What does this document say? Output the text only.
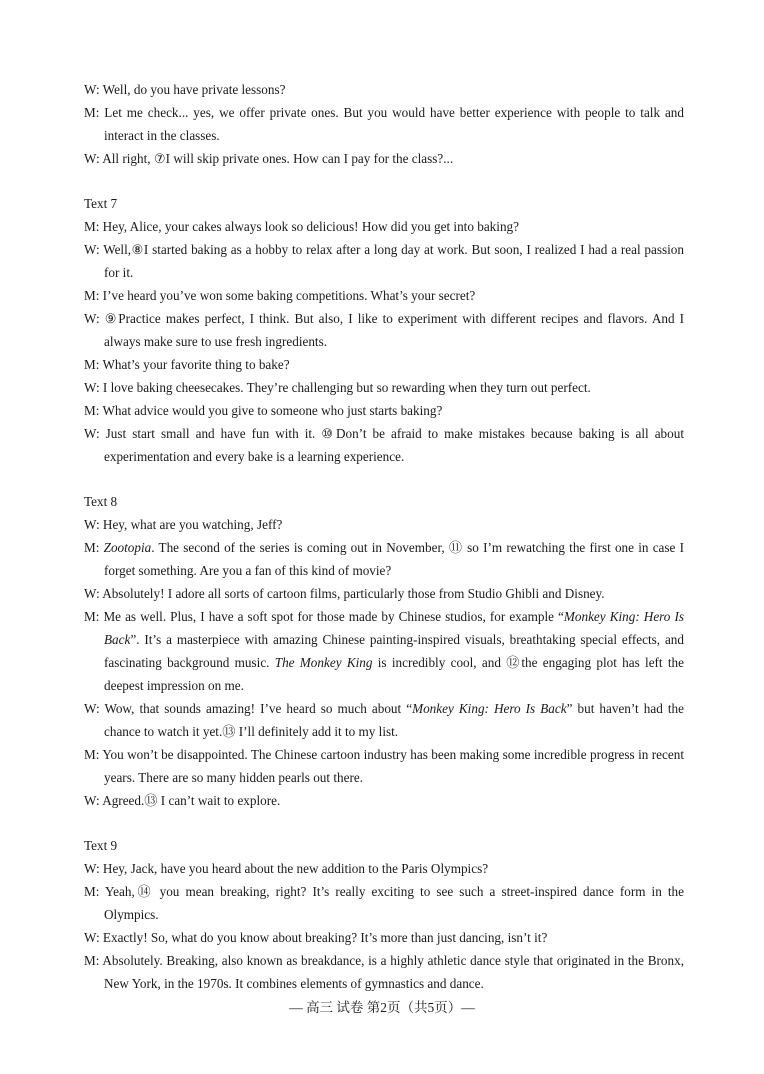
W: Well, do you have private lessons?
M: Let me check... yes, we offer private ones. But you would have better experience with people to talk and interact in the classes.
W: All right, ⑦I will skip private ones. How can I pay for the class?...
Text 7
M: Hey, Alice, your cakes always look so delicious! How did you get into baking?
W: Well,⑧I started baking as a hobby to relax after a long day at work. But soon, I realized I had a real passion for it.
M: I’ve heard you’ve won some baking competitions. What’s your secret?
W: ⑨Practice makes perfect, I think. But also, I like to experiment with different recipes and flavors. And I always make sure to use fresh ingredients.
M: What’s your favorite thing to bake?
W: I love baking cheesecakes. They’re challenging but so rewarding when they turn out perfect.
M: What advice would you give to someone who just starts baking?
W: Just start small and have fun with it. ⑩Don’t be afraid to make mistakes because baking is all about experimentation and every bake is a learning experience.
Text 8
W: Hey, what are you watching, Jeff?
M: Zootopia. The second of the series is coming out in November, ⑪ so I’m rewatching the first one in case I forget something. Are you a fan of this kind of movie?
W: Absolutely! I adore all sorts of cartoon films, particularly those from Studio Ghibli and Disney.
M: Me as well. Plus, I have a soft spot for those made by Chinese studios, for example “Monkey King: Hero Is Back”. It’s a masterpiece with amazing Chinese painting-inspired visuals, breathtaking special effects, and fascinating background music. The Monkey King is incredibly cool, and ⑫the engaging plot has left the deepest impression on me.
W: Wow, that sounds amazing! I’ve heard so much about “Monkey King: Hero Is Back” but haven’t had the chance to watch it yet.⑬ I’ll definitely add it to my list.
M: You won’t be disappointed. The Chinese cartoon industry has been making some incredible progress in recent years. There are so many hidden pearls out there.
W: Agreed.⑬ I can’t wait to explore.
Text 9
W: Hey, Jack, have you heard about the new addition to the Paris Olympics?
M: Yeah,⑭ you mean breaking, right? It’s really exciting to see such a street-inspired dance form in the Olympics.
W: Exactly! So, what do you know about breaking? It’s more than just dancing, isn’t it?
M: Absolutely. Breaking, also known as breakdance, is a highly athletic dance style that originated in the Bronx, New York, in the 1970s. It combines elements of gymnastics and dance.
— 高三 试卷 第2页（共5页）—
